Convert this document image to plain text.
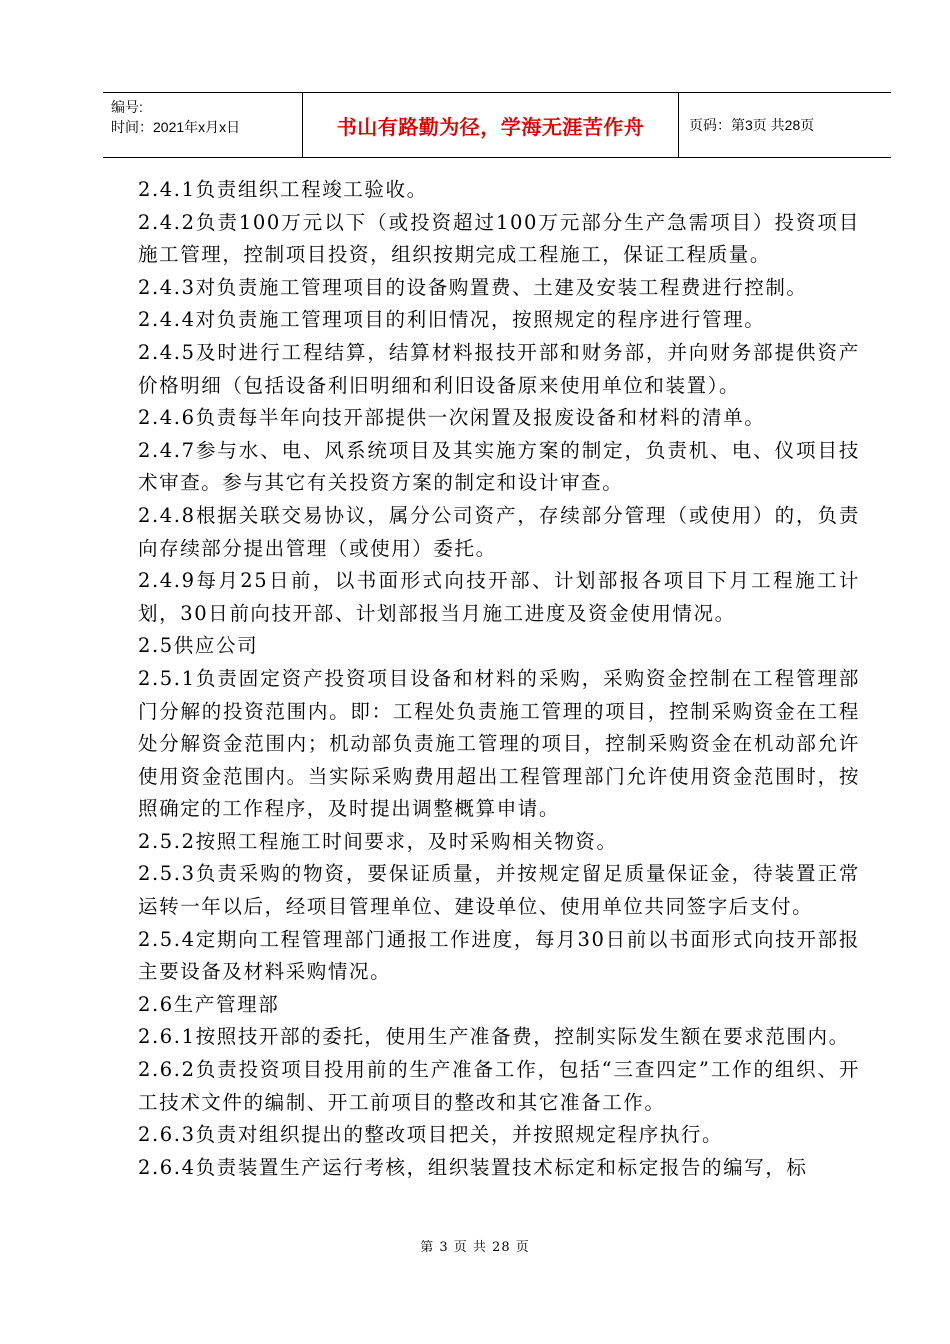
编号:
时间：2021年x月x日	书山有路勤为径，学海无涯苦作舟	页码：第3页 共28页
2.4.1负责组织工程竣工验收。
2.4.2负责100万元以下（或投资超过100万元部分生产急需项目）投资项目施工管理，控制项目投资，组织按期完成工程施工，保证工程质量。
2.4.3对负责施工管理项目的设备购置费、土建及安装工程费进行控制。
2.4.4对负责施工管理项目的利旧情况，按照规定的程序进行管理。
2.4.5及时进行工程结算，结算材料报技开部和财务部，并向财务部提供资产价格明细（包括设备利旧明细和利旧设备原来使用单位和装置）。
2.4.6负责每半年向技开部提供一次闲置及报废设备和材料的清单。
2.4.7参与水、电、风系统项目及其实施方案的制定，负责机、电、仪项目技术审查。参与其它有关投资方案的制定和设计审查。
2.4.8根据关联交易协议，属分公司资产，存续部分管理（或使用）的，负责向存续部分提出管理（或使用）委托。
2.4.9每月25日前，以书面形式向技开部、计划部报各项目下月工程施工计划，30日前向技开部、计划部报当月施工进度及资金使用情况。
2.5供应公司
2.5.1负责固定资产投资项目设备和材料的采购，采购资金控制在工程管理部门分解的投资范围内。即：工程处负责施工管理的项目，控制采购资金在工程处分解资金范围内；机动部负责施工管理的项目，控制采购资金在机动部允许使用资金范围内。当实际采购费用超出工程管理部门允许使用资金范围时，按照确定的工作程序，及时提出调整概算申请。
2.5.2按照工程施工时间要求，及时采购相关物资。
2.5.3负责采购的物资，要保证质量，并按规定留足质量保证金，待装置正常运转一年以后，经项目管理单位、建设单位、使用单位共同签字后支付。
2.5.4定期向工程管理部门通报工作进度，每月30日前以书面形式向技开部报主要设备及材料采购情况。
2.6生产管理部
2.6.1按照技开部的委托，使用生产准备费，控制实际发生额在要求范围内。
2.6.2负责投资项目投用前的生产准备工作，包括“三查四定”工作的组织、开工技术文件的编制、开工前项目的整改和其它准备工作。
2.6.3负责对组织提出的整改项目把关，并按照规定程序执行。
2.6.4负责装置生产运行考核，组织装置技术标定和标定报告的编写，标
第 3 页 共 28 页
